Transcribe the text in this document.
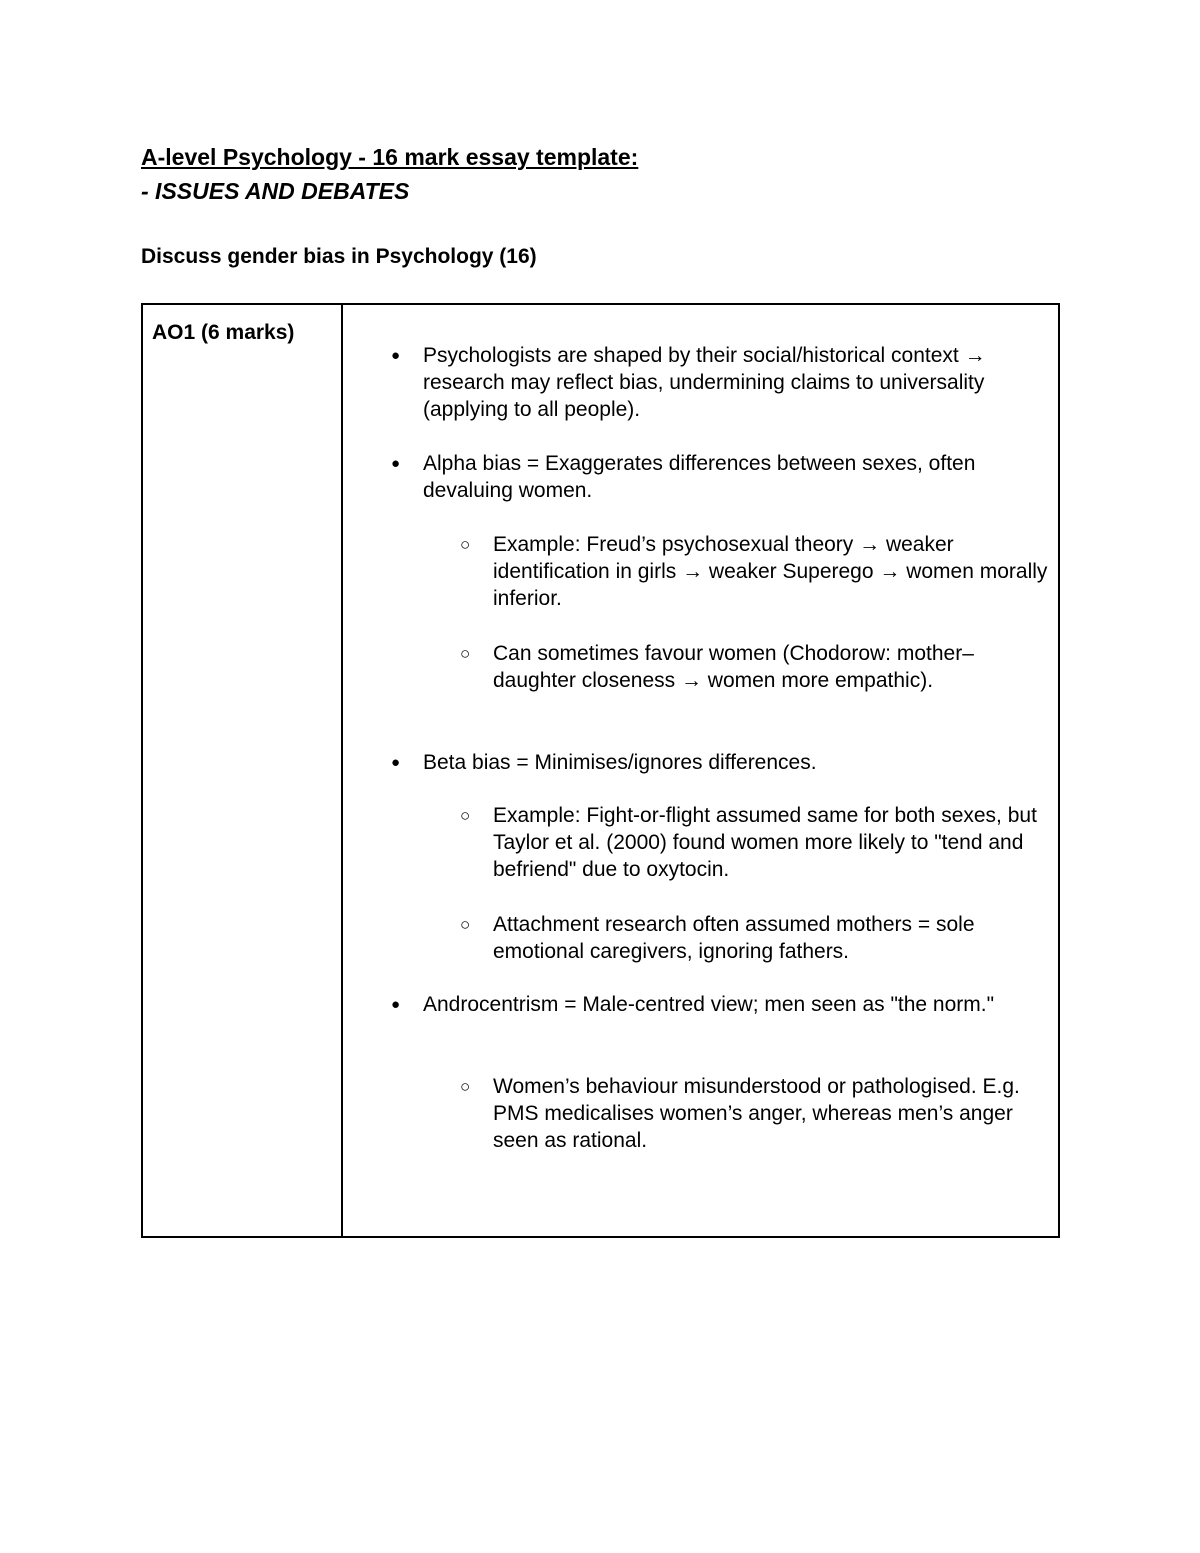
A-level Psychology - 16 mark essay template:
- ISSUES AND DEBATES
Discuss gender bias in Psychology (16)
AO1 (6 marks)
● Psychologists are shaped by their social/historical context → research may reflect bias, undermining claims to universality (applying to all people).
● Alpha bias = Exaggerates differences between sexes, often devaluing women.
○ Example: Freud’s psychosexual theory → weaker identification in girls → weaker Superego → women morally inferior.
○ Can sometimes favour women (Chodorow: mother–daughter closeness → women more empathic).
● Beta bias = Minimises/ignores differences.
○ Example: Fight-or-flight assumed same for both sexes, but Taylor et al. (2000) found women more likely to "tend and befriend" due to oxytocin.
○ Attachment research often assumed mothers = sole emotional caregivers, ignoring fathers.
● Androcentrism = Male-centred view; men seen as "the norm."
○ Women’s behaviour misunderstood or pathologised. E.g. PMS medicalises women’s anger, whereas men’s anger seen as rational.
